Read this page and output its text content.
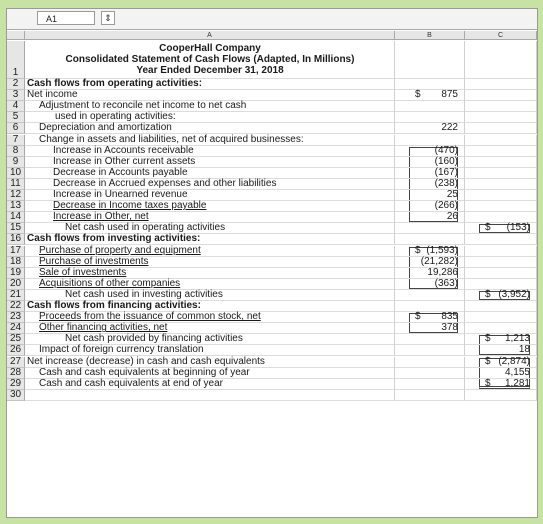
A1	⇕
A	B	C
1
CooperHall Company
Consolidated Statement of Cash Flows (Adapted, In Millions)
Year Ended December 31, 2018
2 Cash flows from operating activities:
3 Net income	$ 875
4	Adjustment to reconcile net income to net cash
5	used in operating activities:
6	Depreciation and amortization	222
7	Change in assets and liabilities, net of acquired businesses:
8	Increase in Accounts receivable	(470)
9	Increase in Other current assets	(160)
10	Decrease in Accounts payable	(167)
11	Decrease in Accrued expenses and other liabilities	(238)
12	Increase in Unearned revenue	25
13	Decrease in Income taxes payable	(266)
14	Increase in Other, net	26
15	Net cash used in operating activities	$ (153)
16 Cash flows from investing activities:
17	Purchase of property and equipment	$ (1,593)
18	Purchase of investments	(21,282)
19	Sale of investments	19,286
20	Acquisitions of other companies	(363)
21	Net cash used in investing activities	$ (3,952)
22 Cash flows from financing activities:
23	Proceeds from the issuance of common stock, net	$ 835
24	Other financing activities, net	378
25	Net cash provided by financing activities	$ 1,213
26	Impact of foreign currency translation	18
27 Net increase (decrease) in cash and cash equivalents	$ (2,874)
28	Cash and cash equivalents at beginning of year	4,155
29	Cash and cash equivalents at end of year	$ 1,281
30
